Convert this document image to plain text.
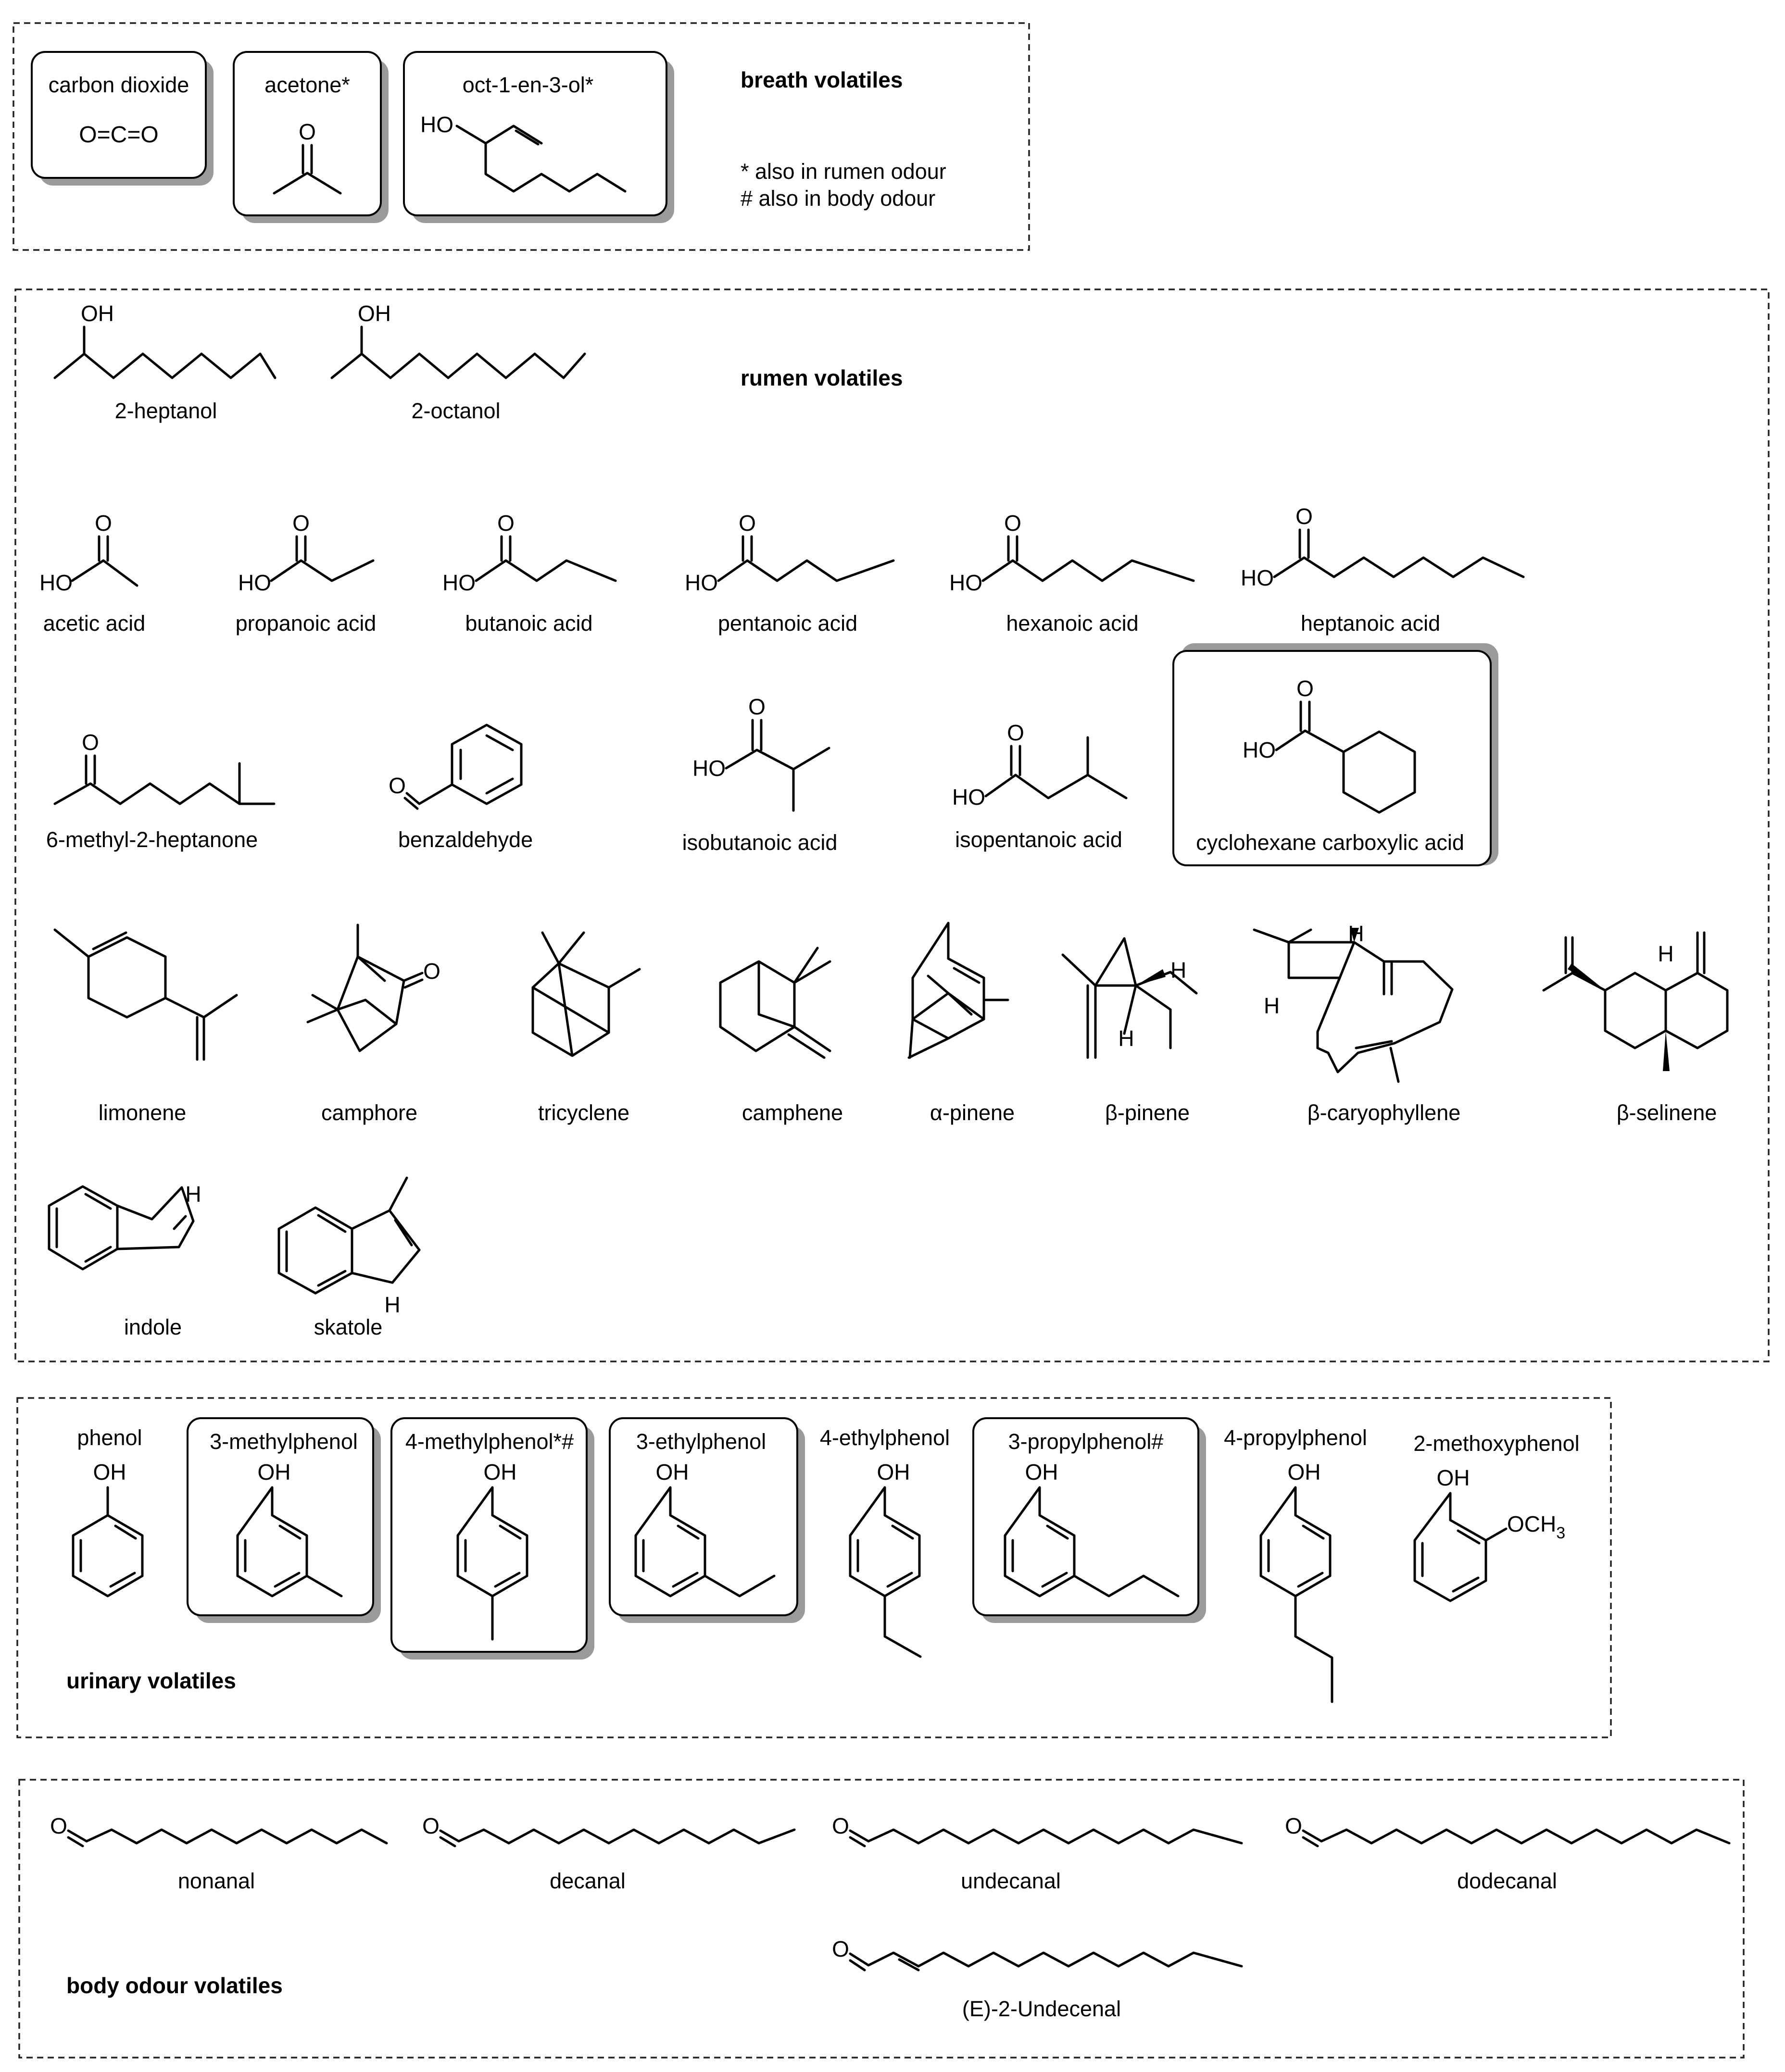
carbon dioxide
O=C=O
acetone*
O
oct-1-en-3-ol*
HO
breath volatiles
* also in rumen odour
# also in body odour
rumen volatiles
OH
2-heptanol
OH
2-octanol
O
HO
acetic acid
O
HO
propanoic acid
O
HO
butanoic acid
O
HO
pentanoic acid
O
HO
hexanoic acid
O
HO
heptanoic acid
O
6-methyl-2-heptanone
O
benzaldehyde
O
HO
isobutanoic acid
O
HO
isopentanoic acid
O
HO
cyclohexane carboxylic acid
limonene
O
camphore	tricyclene	camphene	α-pinene
H
H
β-pinene
H
H
β-caryophyllene
H
β-selinene
H
indole
H
skatole
urinary volatiles
phenol
OH
3-methylphenol
OH
4-methylphenol*#
OH
3-ethylphenol
OH
4-ethylphenol
OH
3-propylphenol#
OH
4-propylphenol
OH
2-methoxyphenol
OH
$OCH_3$
body odour volatiles
O
nonanal
O
decanal
O
undecanal
O
dodecanal
O
(E)-2-Undecenal
